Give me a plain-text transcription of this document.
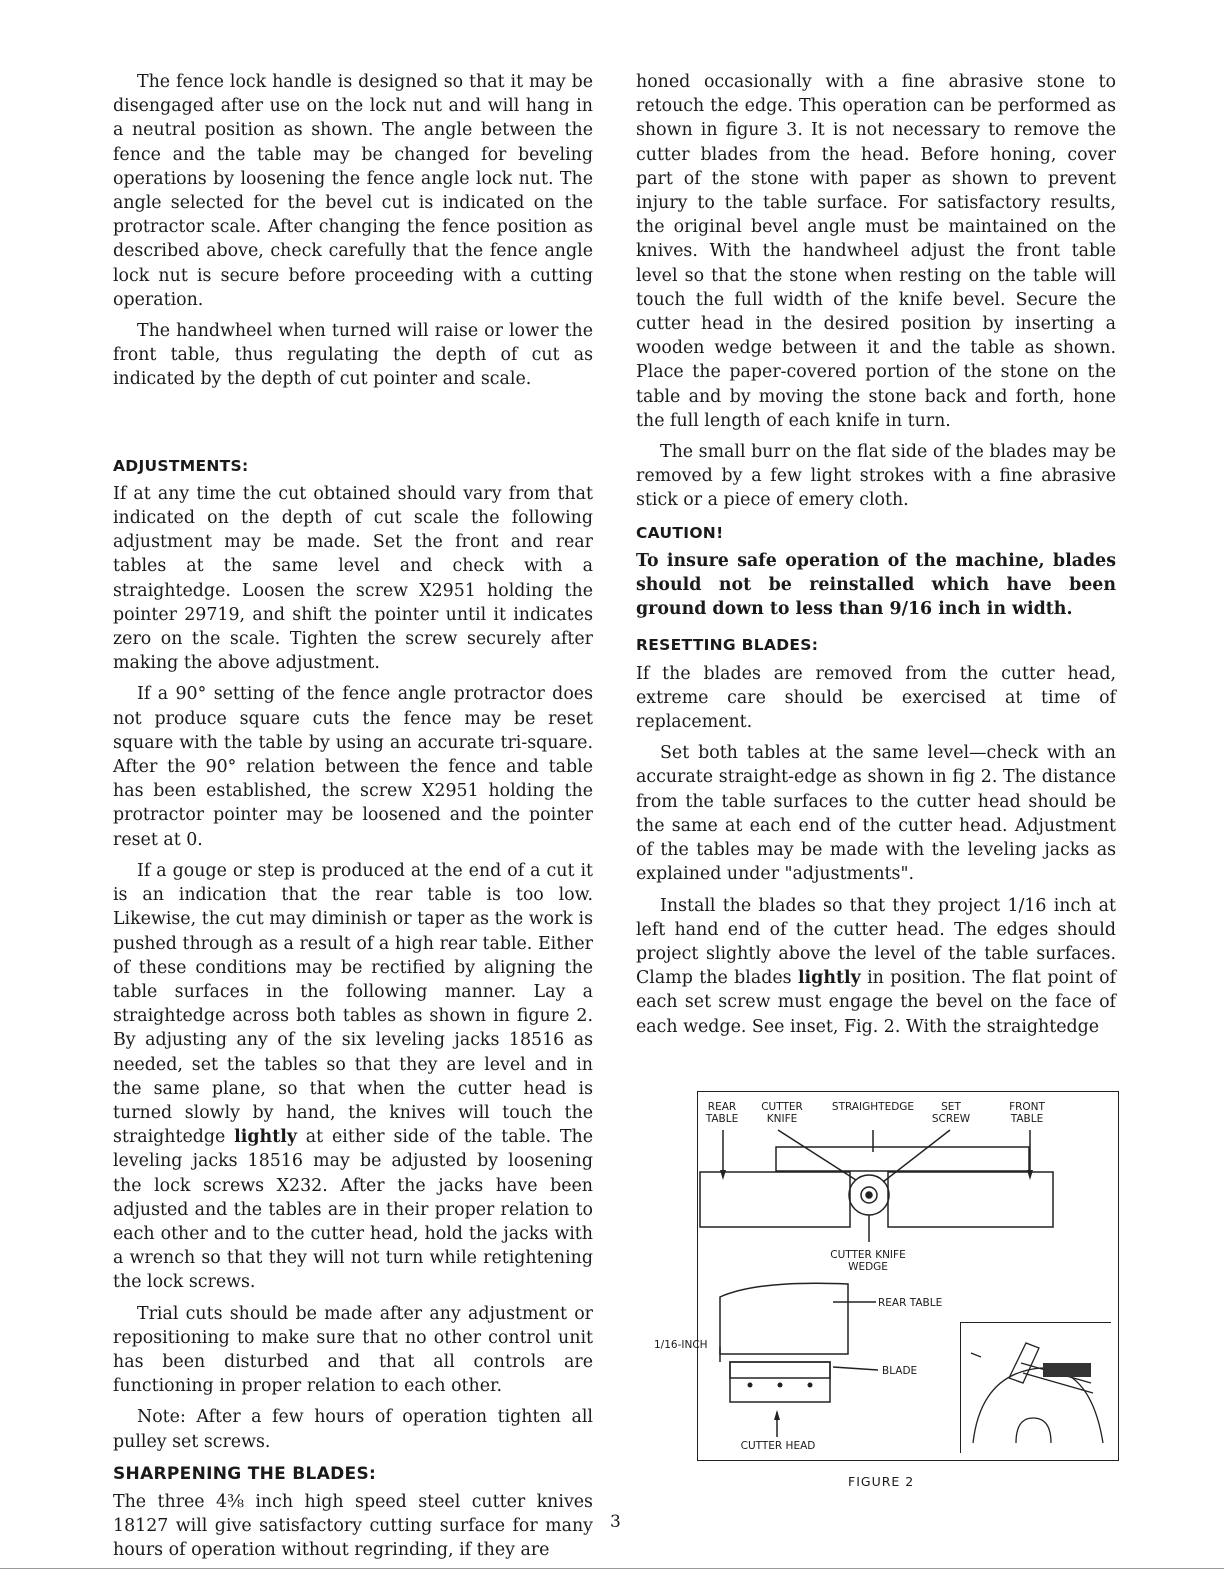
The fence lock handle is designed so that it may be disengaged after use on the lock nut and will hang in a neutral position as shown. The angle between the fence and the table may be changed for beveling operations by loosening the fence angle lock nut. The angle selected for the bevel cut is indicated on the protractor scale. After changing the fence position as described above, check carefully that the fence angle lock nut is secure before proceeding with a cutting operation.

The handwheel when turned will raise or lower the front table, thus regulating the depth of cut as indicated by the depth of cut pointer and scale.

ADJUSTMENTS:

If at any time the cut obtained should vary from that indicated on the depth of cut scale the following adjustment may be made. Set the front and rear tables at the same level and check with a straightedge. Loosen the screw X2951 holding the pointer 29719, and shift the pointer until it indicates zero on the scale. Tighten the screw securely after making the above adjustment.

If a 90° setting of the fence angle protractor does not produce square cuts the fence may be reset square with the table by using an accurate tri-square. After the 90° relation between the fence and table has been established, the screw X2951 holding the protractor pointer may be loosened and the pointer reset at 0.

If a gouge or step is produced at the end of a cut it is an indication that the rear table is too low. Likewise, the cut may diminish or taper as the work is pushed through as a result of a high rear table. Either of these conditions may be rectified by aligning the table surfaces in the following manner. Lay a straightedge across both tables as shown in figure 2. By adjusting any of the six leveling jacks 18516 as needed, set the tables so that they are level and in the same plane, so that when the cutter head is turned slowly by hand, the knives will touch the straightedge lightly at either side of the table. The leveling jacks 18516 may be adjusted by loosening the lock screws X232. After the jacks have been adjusted and the tables are in their proper relation to each other and to the cutter head, hold the jacks with a wrench so that they will not turn while retightening the lock screws.

Trial cuts should be made after any adjustment or repositioning to make sure that no other control unit has been disturbed and that all controls are functioning in proper relation to each other.

Note: After a few hours of operation tighten all pulley set screws.

SHARPENING THE BLADES:

The three 4⅜ inch high speed steel cutter knives 18127 will give satisfactory cutting surface for many hours of operation without regrinding, if they are

honed occasionally with a fine abrasive stone to retouch the edge. This operation can be performed as shown in figure 3. It is not necessary to remove the cutter blades from the head. Before honing, cover part of the stone with paper as shown to prevent injury to the table surface. For satisfactory results, the original bevel angle must be maintained on the knives. With the handwheel adjust the front table level so that the stone when resting on the table will touch the full width of the knife bevel. Secure the cutter head in the desired position by inserting a wooden wedge between it and the table as shown. Place the paper-covered portion of the stone on the table and by moving the stone back and forth, hone the full length of each knife in turn.

The small burr on the flat side of the blades may be removed by a few light strokes with a fine abrasive stick or a piece of emery cloth.

CAUTION!

To insure safe operation of the machine, blades should not be reinstalled which have been ground down to less than 9/16 inch in width.

RESETTING BLADES:

If the blades are removed from the cutter head, extreme care should be exercised at time of replacement.

Set both tables at the same level—check with an accurate straight-edge as shown in fig 2. The distance from the table surfaces to the cutter head should be the same at each end of the cutter head. Adjustment of the tables may be made with the leveling jacks as explained under "adjustments".

Install the blades so that they project 1/16 inch at left hand end of the cutter head. The edges should project slightly above the level of the table surfaces. Clamp the blades lightly in position. The flat point of each set screw must engage the bevel on the face of each wedge. See inset, Fig. 2. With the straightedge

REAR TABLE
CUTTER KNIFE
STRAIGHTEDGE	SET SCREW
FRONT TABLE
CUTTER KNIFE WEDGE
REAR TABLE
1/16-INCH
BLADE
CUTTER HEAD
FIGURE 2
3
